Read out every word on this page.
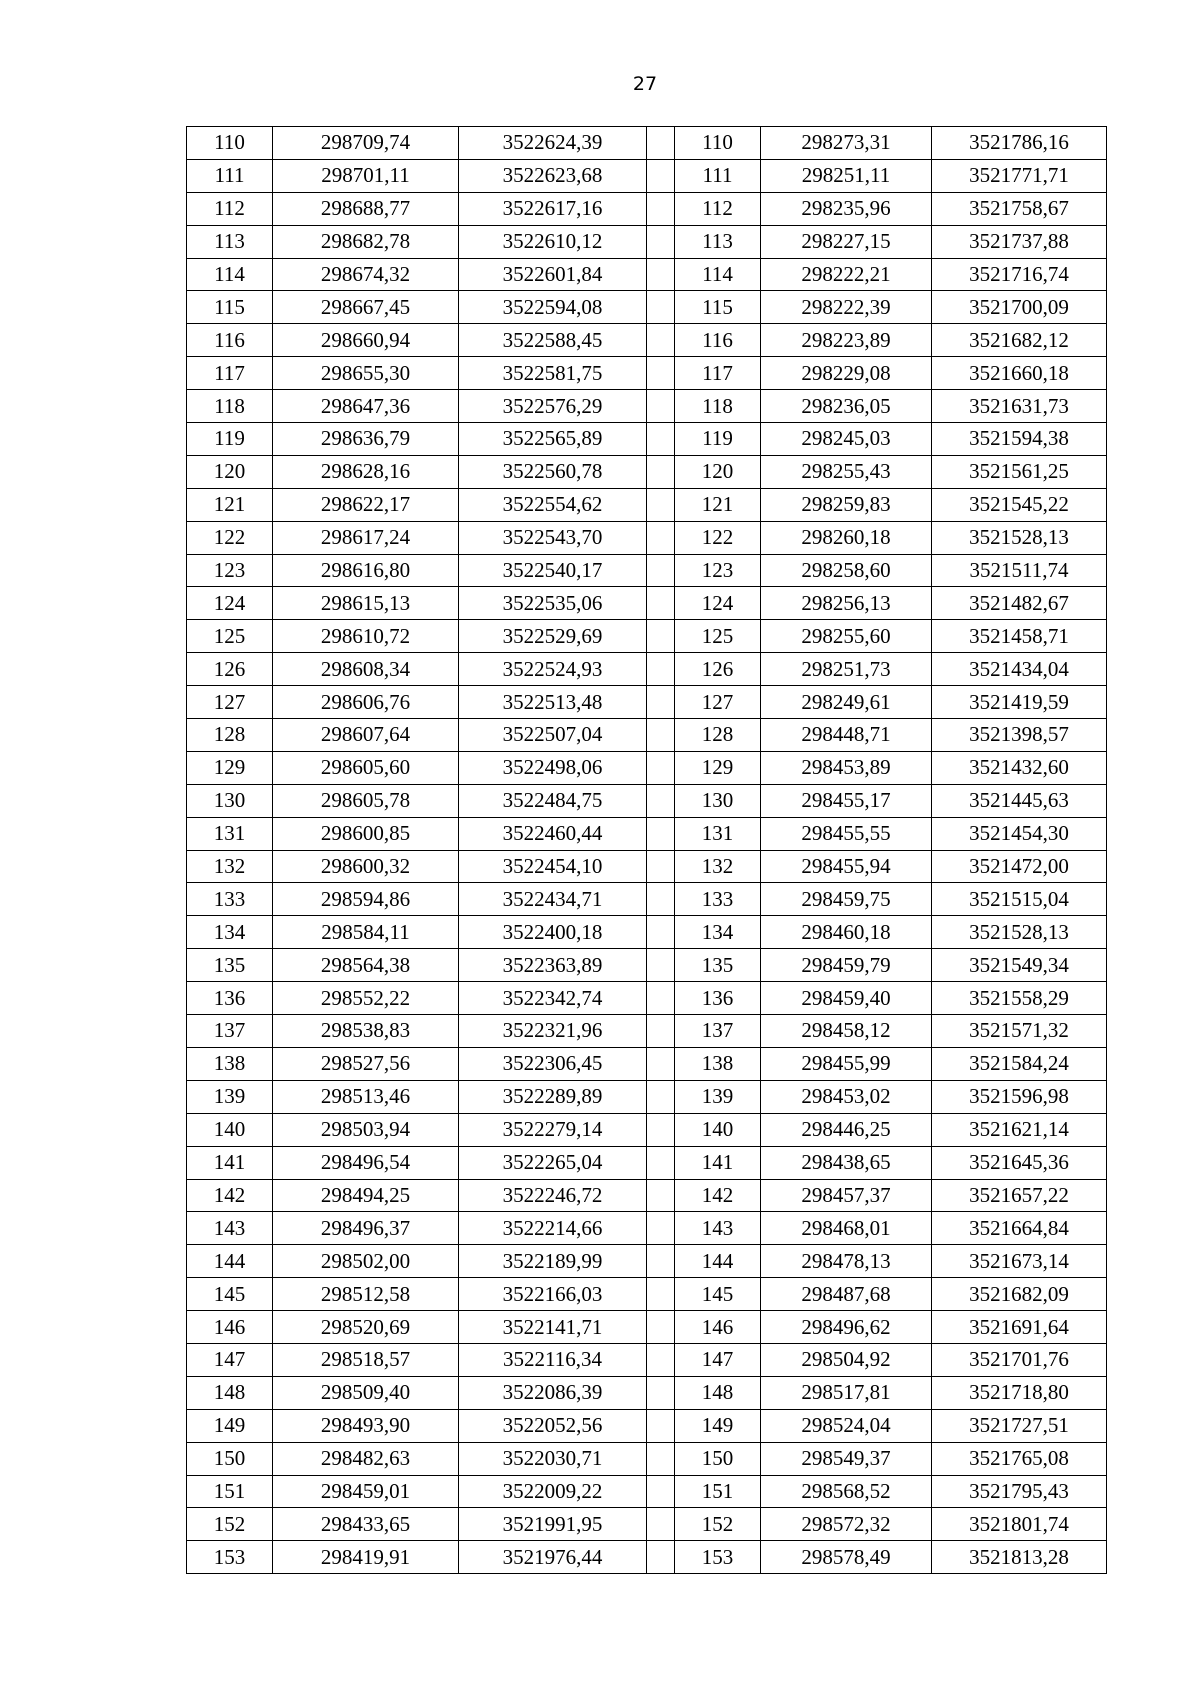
27
110	298709,74	3522624,39		110	298273,31	3521786,16
111	298701,11	3522623,68		111	298251,11	3521771,71
112	298688,77	3522617,16		112	298235,96	3521758,67
113	298682,78	3522610,12		113	298227,15	3521737,88
114	298674,32	3522601,84		114	298222,21	3521716,74
115	298667,45	3522594,08		115	298222,39	3521700,09
116	298660,94	3522588,45		116	298223,89	3521682,12
117	298655,30	3522581,75		117	298229,08	3521660,18
118	298647,36	3522576,29		118	298236,05	3521631,73
119	298636,79	3522565,89		119	298245,03	3521594,38
120	298628,16	3522560,78		120	298255,43	3521561,25
121	298622,17	3522554,62		121	298259,83	3521545,22
122	298617,24	3522543,70		122	298260,18	3521528,13
123	298616,80	3522540,17		123	298258,60	3521511,74
124	298615,13	3522535,06		124	298256,13	3521482,67
125	298610,72	3522529,69		125	298255,60	3521458,71
126	298608,34	3522524,93		126	298251,73	3521434,04
127	298606,76	3522513,48		127	298249,61	3521419,59
128	298607,64	3522507,04		128	298448,71	3521398,57
129	298605,60	3522498,06		129	298453,89	3521432,60
130	298605,78	3522484,75		130	298455,17	3521445,63
131	298600,85	3522460,44		131	298455,55	3521454,30
132	298600,32	3522454,10		132	298455,94	3521472,00
133	298594,86	3522434,71		133	298459,75	3521515,04
134	298584,11	3522400,18		134	298460,18	3521528,13
135	298564,38	3522363,89		135	298459,79	3521549,34
136	298552,22	3522342,74		136	298459,40	3521558,29
137	298538,83	3522321,96		137	298458,12	3521571,32
138	298527,56	3522306,45		138	298455,99	3521584,24
139	298513,46	3522289,89		139	298453,02	3521596,98
140	298503,94	3522279,14		140	298446,25	3521621,14
141	298496,54	3522265,04		141	298438,65	3521645,36
142	298494,25	3522246,72		142	298457,37	3521657,22
143	298496,37	3522214,66		143	298468,01	3521664,84
144	298502,00	3522189,99		144	298478,13	3521673,14
145	298512,58	3522166,03		145	298487,68	3521682,09
146	298520,69	3522141,71		146	298496,62	3521691,64
147	298518,57	3522116,34		147	298504,92	3521701,76
148	298509,40	3522086,39		148	298517,81	3521718,80
149	298493,90	3522052,56		149	298524,04	3521727,51
150	298482,63	3522030,71		150	298549,37	3521765,08
151	298459,01	3522009,22		151	298568,52	3521795,43
152	298433,65	3521991,95		152	298572,32	3521801,74
153	298419,91	3521976,44		153	298578,49	3521813,28
